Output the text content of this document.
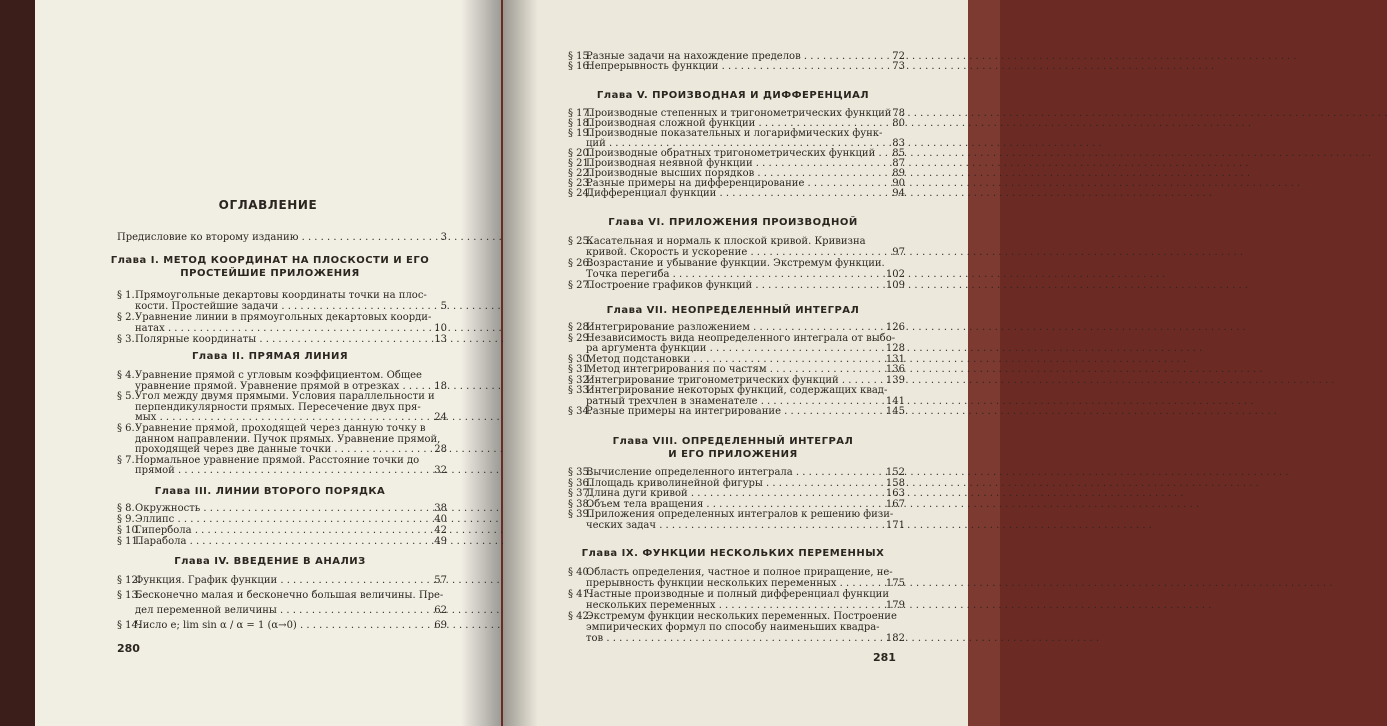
ОГЛАВЛЕНИЕ
Предисловие ко второму изданию . . .	3
Глава I. МЕТОД КООРДИНАТ НА ПЛОСКОСТИ И ЕГО
ПРОСТЕЙШИЕ ПРИЛОЖЕНИЯ
§ 1. Прямоугольные декартовы координаты точки на плос-
кости. Простейшие задачи . . .	5
§ 2. Уравнение линии в прямоугольных декартовых коорди-
натах . . .	10
§ 3. Полярные координаты . . .	13
Глава II. ПРЯМАЯ ЛИНИЯ
§ 4. Уравнение прямой с угловым коэффициентом. Общее
уравнение прямой. Уравнение прямой в отрезках . . .	18
§ 5. Угол между двумя прямыми. Условия параллельности и
перпендикулярности прямых. Пересечение двух пря-
мых . . .	24
§ 6. Уравнение прямой, проходящей через данную точку в
данном направлении. Пучок прямых. Уравнение прямой,
проходящей через две данные точки . . .	28
§ 7. Нормальное уравнение прямой. Расстояние точки до
прямой . . .	32
Глава III. ЛИНИИ ВТОРОГО ПОРЯДКА
§ 8. Окружность . . .	38
§ 9. Эллипс . . .	40
§ 10.
Гипербола . . .	42
§ 11.
Парабола . . .	49
Глава IV. ВВЕДЕНИЕ В АНАЛИЗ
§ 12.
Функция. График функции . . .	57
§ 13.
Бесконечно малая и бесконечно большая величины. Пре-
дел переменной величины . . .	62
§ 14.
Число e; lim sin α / α = 1 (α→0) . . .	69
280
§ 15.
Разные задачи на нахождение пределов . . .	72
§ 16.
Непрерывность функции . . .	73
Глава V. ПРОИЗВОДНАЯ И ДИФФЕРЕНЦИАЛ
§ 17.
Производные степенных и тригонометрических функций . . . 78
§ 18.
Производная сложной функции . . .	80
§ 19.
Производные показательных и логарифмических функ-
ций . . .	83
§ 20.
Производные обратных тригонометрических функций . . . 85
§ 21.
Производная неявной функции . . .	87
§ 22.
Производные высших порядков . . .	89
§ 23.
Разные примеры на дифференцирование . . .	90
§ 24.
Дифференциал функции . . .	94
Глава VI. ПРИЛОЖЕНИЯ ПРОИЗВОДНОЙ
§ 25.
Касательная и нормаль к плоской кривой. Кривизна
кривой. Скорость и ускорение . . .	97
§ 26.
Возрастание и убывание функции. Экстремум функции.
Точка перегиба . . .	102
§ 27.
Построение графиков функций . . .	109
Глава VII. НЕОПРЕДЕЛЕННЫЙ ИНТЕГРАЛ
§ 28.
Интегрирование разложением . . .	126
§ 29.
Независимость вида неопределенного интеграла от выбо-
ра аргумента функции . . .	128
§ 30.
Метод подстановки . . .	131
§ 31.
Метод интегрирования по частям . . .	136
§ 32.
Интегрирование тригонометрических функций . . .	139
§ 33.
Интегрирование некоторых функций, содержащих квад-
ратный трехчлен в знаменателе . . .	141
§ 34.
Разные примеры на интегрирование . . .	145
Глава VIII. ОПРЕДЕЛЕННЫЙ ИНТЕГРАЛ
И ЕГО ПРИЛОЖЕНИЯ
§ 35.
Вычисление определенного интеграла . . .	152
§ 36.
Площадь криволинейной фигуры . . .	158
§ 37.
Длина дуги кривой . . .	163
§ 38.
Объем тела вращения . . .	167
§ 39.
Приложения определенных интегралов к решению физи-
ческих задач . . .	171
Глава IX. ФУНКЦИИ НЕСКОЛЬКИХ ПЕРЕМЕННЫХ
§ 40.
Область определения, частное и полное приращение, не-
прерывность функции нескольких переменных . . .	175
§ 41.
Частные производные и полный дифференциал функции
нескольких переменных . . .	179
§ 42.
Экстремум функции нескольких переменных. Построение
эмпирических формул по способу наименьших квадра-
тов . . .	182
281
